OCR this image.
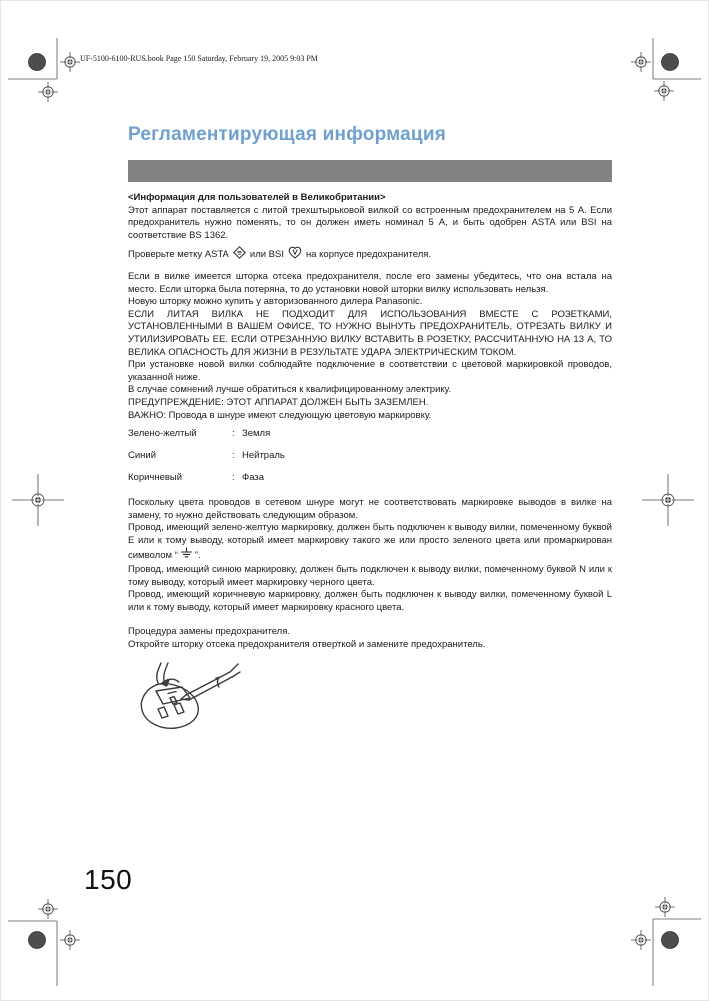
UF-5100-6100-RUS.book Page 150 Saturday, February 19, 2005 9:03 PM
Регламентирующая информация

<Информация для пользователей в Великобритании>

Этот аппарат поставляется с литой трехштырьковой вилкой со встроенным предохранителем на 5 А. Если предохранитель нужно поменять, то он должен иметь номинал 5 А, и быть одобрен ASTA или BSI на соответствие BS 1362.

Проверьте метку ASTA или BSI на корпусе предохранителя.

Если в вилке имеется шторка отсека предохранителя, после его замены убедитесь, что она встала на место. Если шторка была потеряна, то до установки новой шторки вилку использовать нельзя.

Новую шторку можно купить у авторизованного дилера Panasonic.

ЕСЛИ ЛИТАЯ ВИЛКА НЕ ПОДХОДИТ ДЛЯ ИСПОЛЬЗОВАНИЯ ВМЕСТЕ С РОЗЕТКАМИ, УСТАНОВЛЕННЫМИ В ВАШЕМ ОФИСЕ, ТО НУЖНО ВЫНУТЬ ПРЕДОХРАНИТЕЛЬ, ОТРЕЗАТЬ ВИЛКУ И УТИЛИЗИРОВАТЬ ЕЕ. ЕСЛИ ОТРЕЗАННУЮ ВИЛКУ ВСТАВИТЬ В РОЗЕТКУ, РАССЧИТАННУЮ НА 13 А, ТО ВЕЛИКА ОПАСНОСТЬ ДЛЯ ЖИЗНИ В РЕЗУЛЬТАТЕ УДАРА ЭЛЕКТРИЧЕСКИМ ТОКОМ.

При установке новой вилки соблюдайте подключение в соответствии с цветовой маркировкой проводов, указанной ниже.

В случае сомнений лучше обратиться к квалифицированному электрику.

ПРЕДУПРЕЖДЕНИЕ: ЭТОТ АППАРАТ ДОЛЖЕН БЫТЬ ЗАЗЕМЛЕН.

ВАЖНО: Провода в шнуре имеют следующую цветовую маркировку.

Зелено-желтый	: Земля
Синий	: Нейтраль
Коричневый	: Фаза

Поскольку цвета проводов в сетевом шнуре могут не соответствовать маркировке выводов в вилке на замену, то нужно действовать следующим образом.

Провод, имеющий зелено-желтую маркировку, должен быть подключен к выводу вилки, помеченному буквой E или к тому выводу, который имеет маркировку такого же или просто зеленого цвета или промаркирован символом “ ”.

Провод, имеющий синюю маркировку, должен быть подключен к выводу вилки, помеченному буквой N или к тому выводу, который имеет маркировку черного цвета.

Провод, имеющий коричневую маркировку, должен быть подключен к выводу вилки, помеченному буквой L или к тому выводу, который имеет маркировку красного цвета.

Процедура замены предохранителя.

Откройте шторку отсека предохранителя отверткой и замените предохранитель.

150
